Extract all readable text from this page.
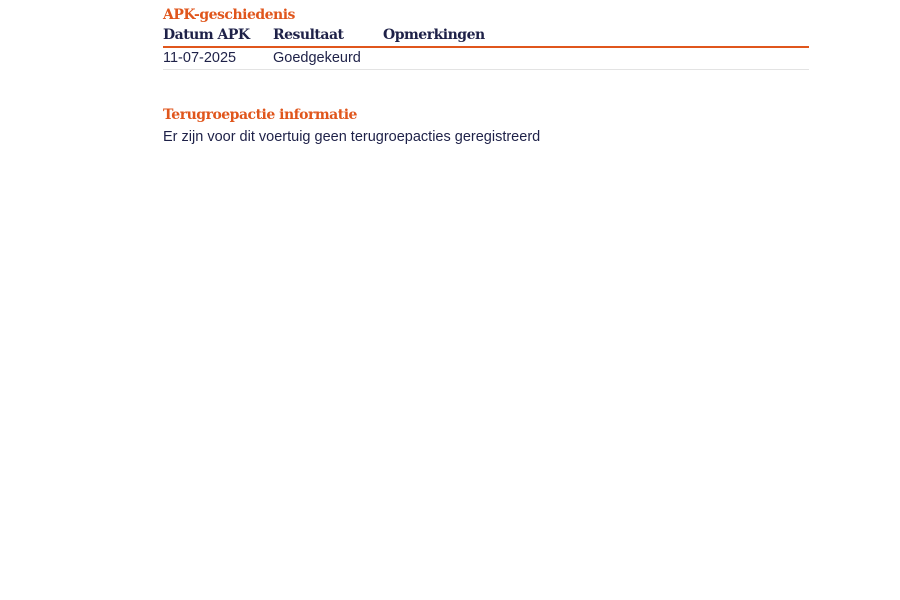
APK-geschiedenis
Datum APK	Resultaat	Opmerkingen
11-07-2025	Goedgekeurd	
Terugroepactie informatie

Er zijn voor dit voertuig geen terugroepacties geregistreerd
